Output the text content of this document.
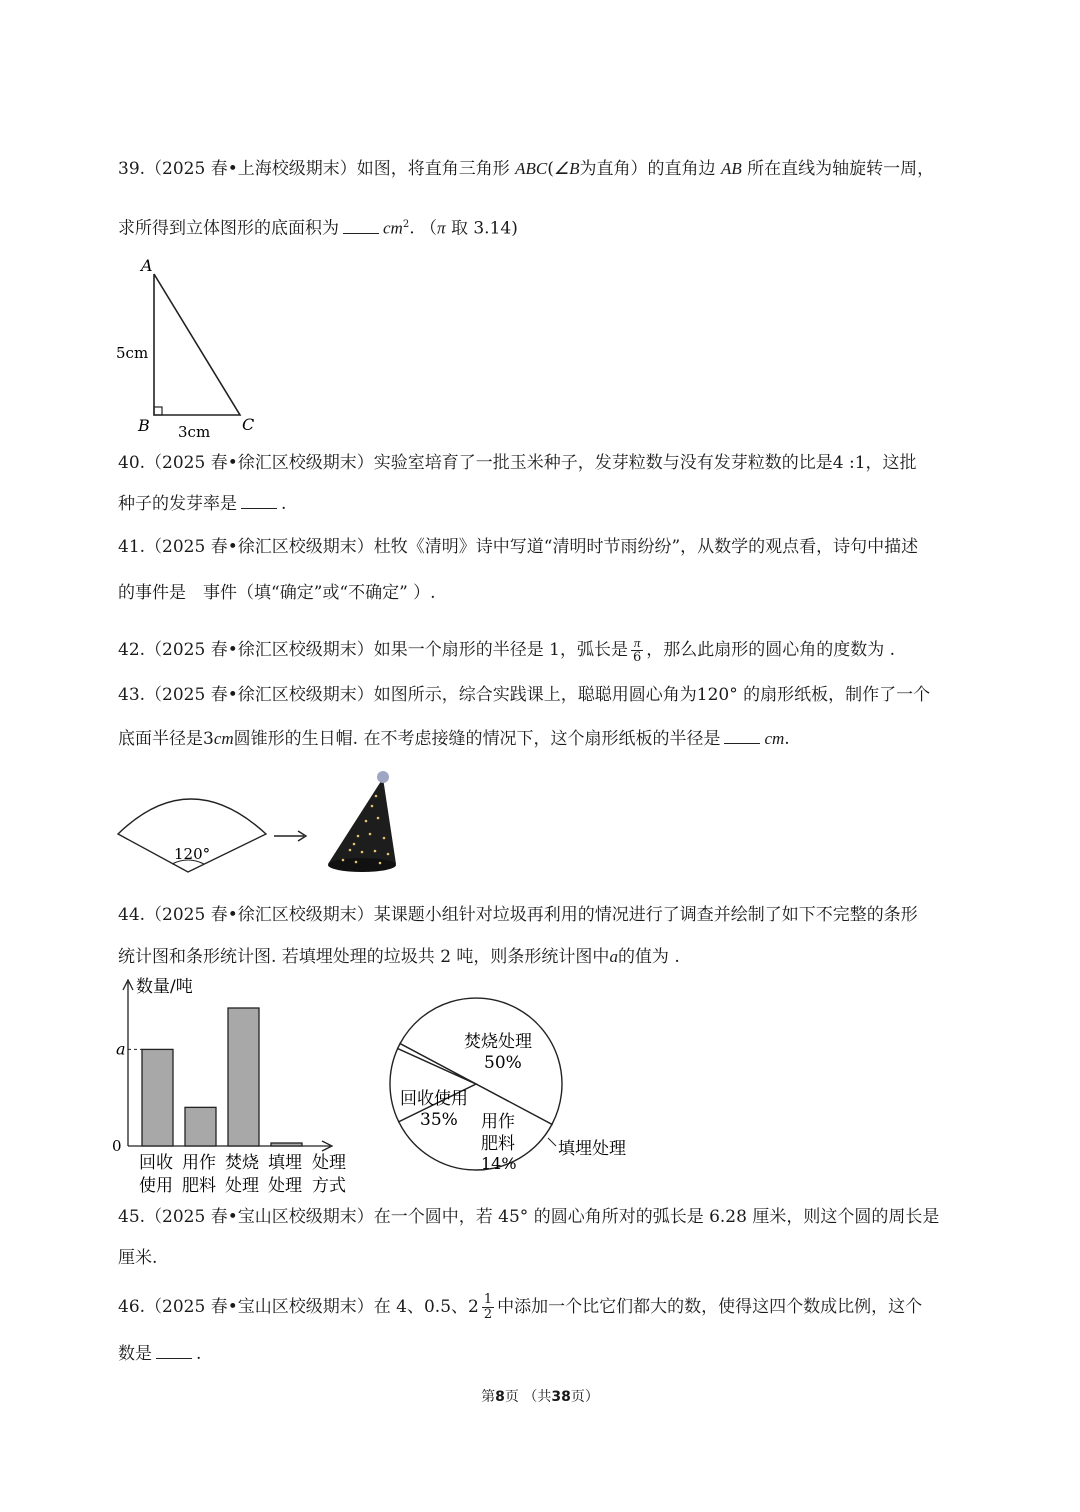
39.（2025 春•上海校级期末）如图，将直角三角形 ABC(∠B为直角）的直角边 AB 所在直线为轴旋转一周，
求所得到立体图形的底面积为	$cm^2$. （π 取 3.14)
A
B	C
5cm
3cm
40.（2025 春•徐汇区校级期末）实验室培育了一批玉米种子，发芽粒数与没有发芽粒数的比是4 :1，这批
种子的发芽率是	.
41.（2025 春•徐汇区校级期末）杜牧《清明》诗中写道“清明时节雨纷纷”，从数学的观点看，诗句中描述
的事件是　事件（填“确定”或“不确定” ）.
42.（2025 春•徐汇区校级期末）如果一个扇形的半径是 1，弧长是 $\frac{\pi}{6}$ ，那么此扇形的圆心角的度数为 .
43.（2025 春•徐汇区校级期末）如图所示，综合实践课上，聪聪用圆心角为120° 的扇形纸板，制作了一个
底面半径是3cm圆锥形的生日帽. 在不考虑接缝的情况下，这个扇形纸板的半径是	cm.
120°
44.（2025 春•徐汇区校级期末）某课题小组针对垃圾再利用的情况进行了调查并绘制了如下不完整的条形
统计图和条形统计图. 若填埋处理的垃圾共 2 吨，则条形统计图中a的值为 .
数量/吨
0
a
回收
使用
用作
肥料
焚烧
处理
填埋
处理
处理
方式
焚烧处理
50%
回收使用
35% 用作
肥料
14%
填埋处理
45.（2025 春•宝山区校级期末）在一个圆中，若 45° 的圆心角所对的弧长是 6.28 厘米，则这个圆的周长是
厘米.
46.（2025 春•宝山区校级期末）在 4、0.5、$2 \frac{1}{2}$ 中添加一个比它们都大的数，使得这四个数成比例，这个
数是	.
第8页 （共38页）
